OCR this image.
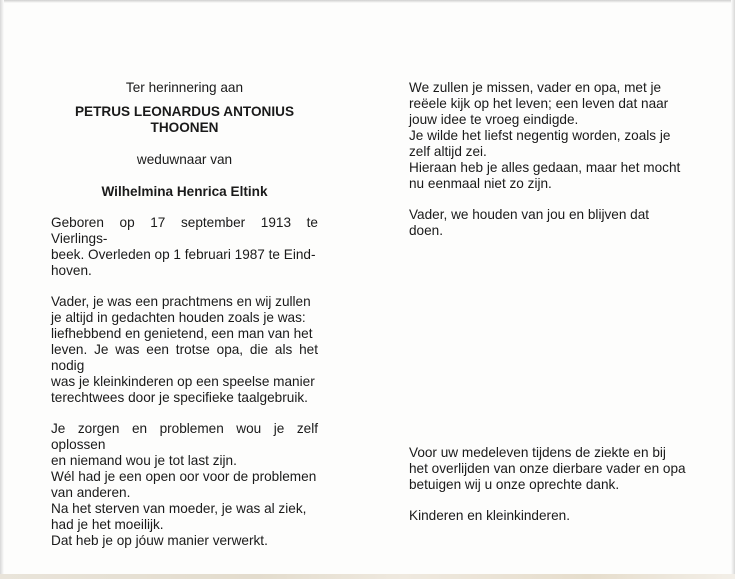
Ter herinnering aan

PETRUS LEONARDUS ANTONIUS

THOONEN

weduwnaar van

Wilhelmina Henrica Eltink

Geboren op 17 september 1913 te Vierlings-

beek. Overleden op 1 februari 1987 te Eind-

hoven.

Vader, je was een prachtmens en wij zullen

je altijd in gedachten houden zoals je was:

liefhebbend en genietend, een man van het

leven. Je was een trotse opa, die als het nodig

was je kleinkinderen op een speelse manier

terechtwees door je specifieke taalgebruik.

Je zorgen en problemen wou je zelf oplossen

en niemand wou je tot last zijn.

Wél had je een open oor voor de problemen

van anderen.

Na het sterven van moeder, je was al ziek,

had je het moeilijk.

Dat heb je op jóuw manier verwerkt.

We zullen je missen, vader en opa, met je

reëele kijk op het leven; een leven dat naar

jouw idee te vroeg eindigde.

Je wilde het liefst negentig worden, zoals je

zelf altijd zei.

Hieraan heb je alles gedaan, maar het mocht

nu eenmaal niet zo zijn.

Vader, we houden van jou en blijven dat

doen.

Voor uw medeleven tijdens de ziekte en bij

het overlijden van onze dierbare vader en opa

betuigen wij u onze oprechte dank.

Kinderen en kleinkinderen.
